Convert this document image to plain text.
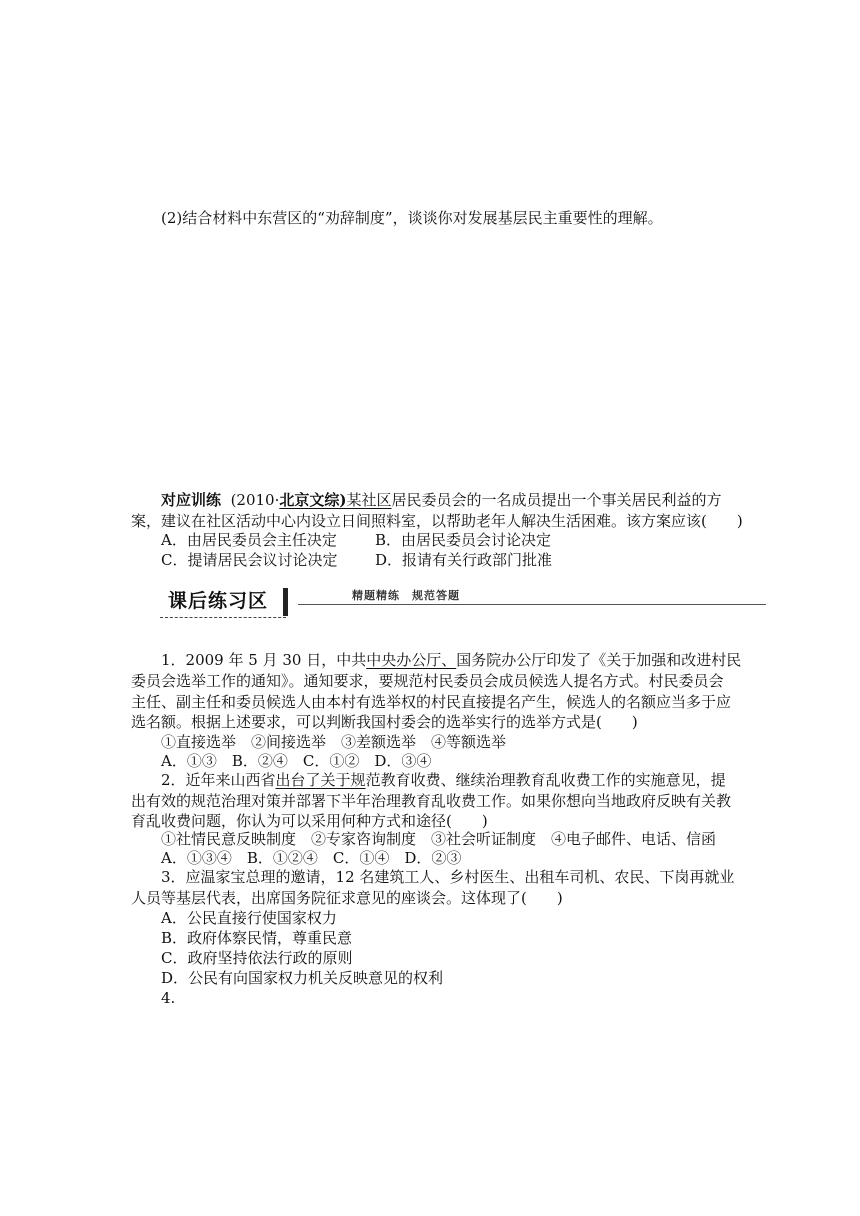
(2)结合材料中东营区的“劝辞制度”，谈谈你对发展基层民主重要性的理解。
对应训练 (2010·北京文综)某社区居民委员会的一名成员提出一个事关居民利益的方
案，建议在社区活动中心内设立日间照料室，以帮助老年人解决生活困难。该方案应该(　　)
A．由居民委员会主任决定	B．由居民委员会讨论决定
C．提请居民会议讨论决定	D．报请有关行政部门批准
课后练习区	精题精练　规范答题
1．2009 年 5 月 30 日，中共中央办公厅、国务院办公厅印发了《关于加强和改进村民
委员会选举工作的通知》。通知要求，要规范村民委员会成员候选人提名方式。村民委员会
主任、副主任和委员候选人由本村有选举权的村民直接提名产生，候选人的名额应当多于应
选名额。根据上述要求，可以判断我国村委会的选举实行的选举方式是(　　)
①直接选举　②间接选举　③差额选举　④等额选举
A．①③　B．②④　C．①②　D．③④
2．近年来山西省出台了关于规范教育收费、继续治理教育乱收费工作的实施意见，提
出有效的规范治理对策并部署下半年治理教育乱收费工作。如果你想向当地政府反映有关教
育乱收费问题，你认为可以采用何种方式和途径(　　)
①社情民意反映制度　②专家咨询制度　③社会听证制度　④电子邮件、电话、信函
A．①③④　B．①②④　C．①④　D．②③
3．应温家宝总理的邀请，12 名建筑工人、乡村医生、出租车司机、农民、下岗再就业
人员等基层代表，出席国务院征求意见的座谈会。这体现了(　　)
A．公民直接行使国家权力
B．政府体察民情，尊重民意
C．政府坚持依法行政的原则
D．公民有向国家权力机关反映意见的权利
4.
